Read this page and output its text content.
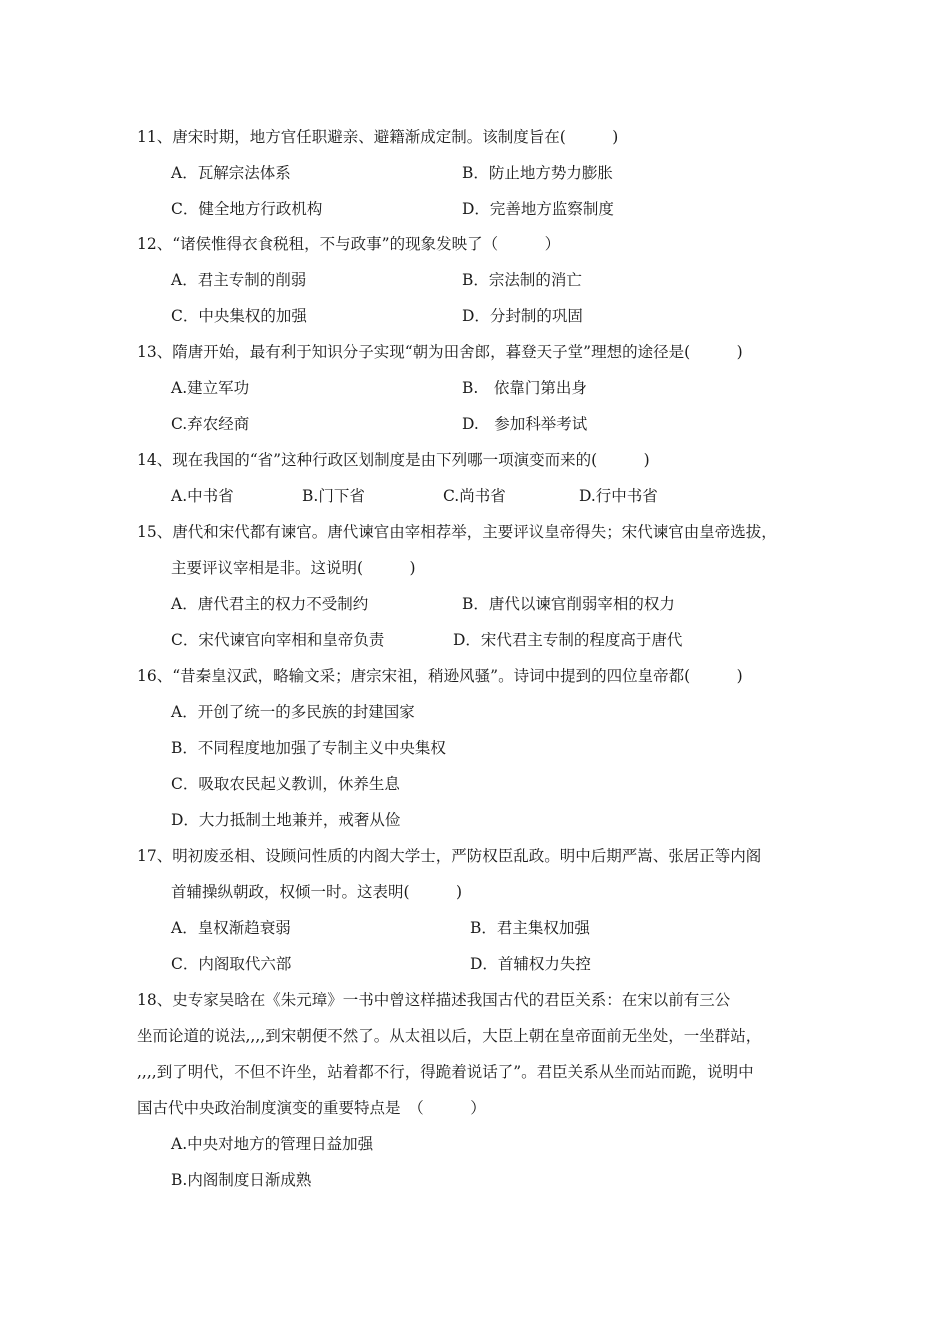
11、唐宋时期，地方官任职避亲、避籍渐成定制。该制度旨在(　　　)
A．瓦解宗法体系	B．防止地方势力膨胀
C．健全地方行政机构	D．完善地方监察制度
12、“诸侯惟得衣食税租，不与政事”的现象发映了（　　　）
A．君主专制的削弱	B．宗法制的消亡
C．中央集权的加强	D．分封制的巩固
13、隋唐开始，最有利于知识分子实现“朝为田舍郎，暮登天子堂”理想的途径是(　　　)
A.建立军功	B.　依靠门第出身
C.弃农经商	D.　参加科举考试
14、现在我国的“省”这种行政区划制度是由下列哪一项演变而来的(　　　)
A.中书省	B.门下省	C.尚书省	D.行中书省
15、唐代和宋代都有谏官。唐代谏官由宰相荐举，主要评议皇帝得失；宋代谏官由皇帝选拔，
主要评议宰相是非。这说明(　　　)
A．唐代君主的权力不受制约	B．唐代以谏官削弱宰相的权力
C．宋代谏官向宰相和皇帝负责	D．宋代君主专制的程度高于唐代
16、“昔秦皇汉武，略输文采；唐宗宋祖，稍逊风骚”。诗词中提到的四位皇帝都(　　　)
A．开创了统一的多民族的封建国家
B．不同程度地加强了专制主义中央集权
C．吸取农民起义教训，休养生息
D．大力抵制土地兼并，戒奢从俭
17、明初废丞相、设顾问性质的内阁大学士，严防权臣乱政。明中后期严嵩、张居正等内阁
首辅操纵朝政，权倾一时。这表明(　　　)
A．皇权渐趋衰弱	B．君主集权加强
C．内阁取代六部	D．首辅权力失控
18、史专家吴晗在《朱元璋》一书中曾这样描述我国古代的君臣关系：在宋以前有三公
坐而论道的说法,,,,到宋朝便不然了。从太祖以后，大臣上朝在皇帝面前无坐处，一坐群站，
,,,,到了明代，不但不许坐，站着都不行，得跪着说话了”。君臣关系从坐而站而跪，说明中
国古代中央政治制度演变的重要特点是　（　　　）
A.中央对地方的管理日益加强
B.内阁制度日渐成熟
